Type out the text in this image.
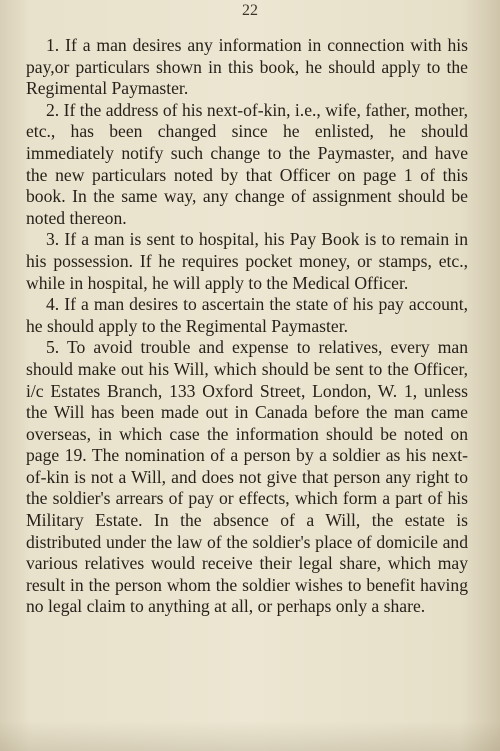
22

1. If a man desires any information in connection with his pay,or particulars shown in this book, he should apply to the Regimental Paymaster.

2. If the address of his next-of-kin, i.e., wife, father, mother, etc., has been changed since he enlisted, he should immediately notify such change to the Paymaster, and have the new particulars noted by that Officer on page 1 of this book. In the same way, any change of assignment should be noted thereon.

3. If a man is sent to hospital, his Pay Book is to remain in his possession. If he requires pocket money, or stamps, etc., while in hospital, he will apply to the Medical Officer.

4. If a man desires to ascertain the state of his pay account, he should apply to the Regimental Paymaster.

5. To avoid trouble and expense to relatives, every man should make out his Will, which should be sent to the Officer, i/c Estates Branch, 133 Oxford Street, London, W. 1, unless the Will has been made out in Canada before the man came overseas, in which case the information should be noted on page 19. The nomination of a person by a soldier as his next-of-kin is not a Will, and does not give that person any right to the soldier's arrears of pay or effects, which form a part of his Military Estate. In the absence of a Will, the estate is distributed under the law of the soldier's place of domicile and various relatives would receive their legal share, which may result in the person whom the soldier wishes to benefit having no legal claim to anything at all, or perhaps only a share.
